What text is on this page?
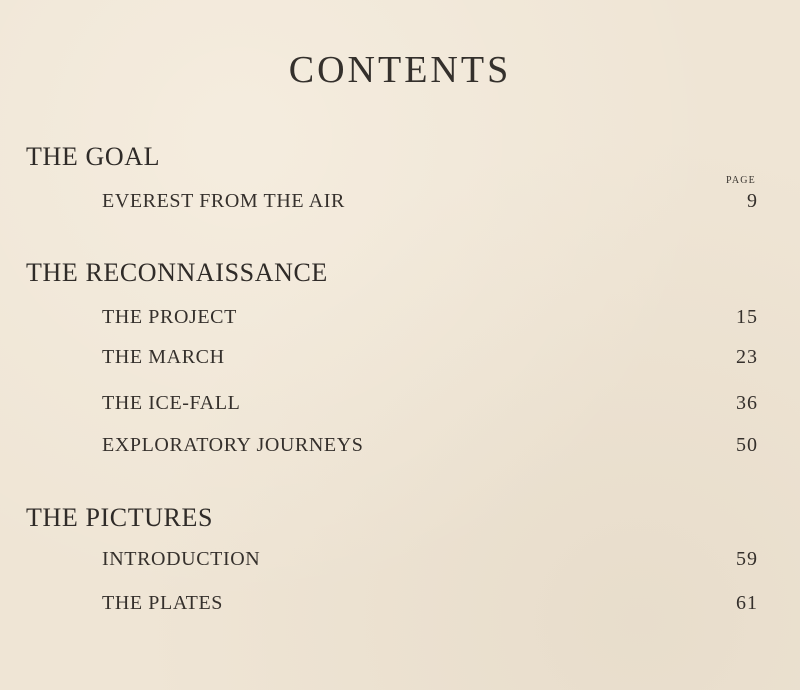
CONTENTS
THE GOAL
PAGE
EVEREST FROM THE AIR	9
THE RECONNAISSANCE
THE PROJECT	15
THE MARCH	23
THE ICE-FALL	36
EXPLORATORY JOURNEYS	50
THE PICTURES
INTRODUCTION	59
THE PLATES	61
